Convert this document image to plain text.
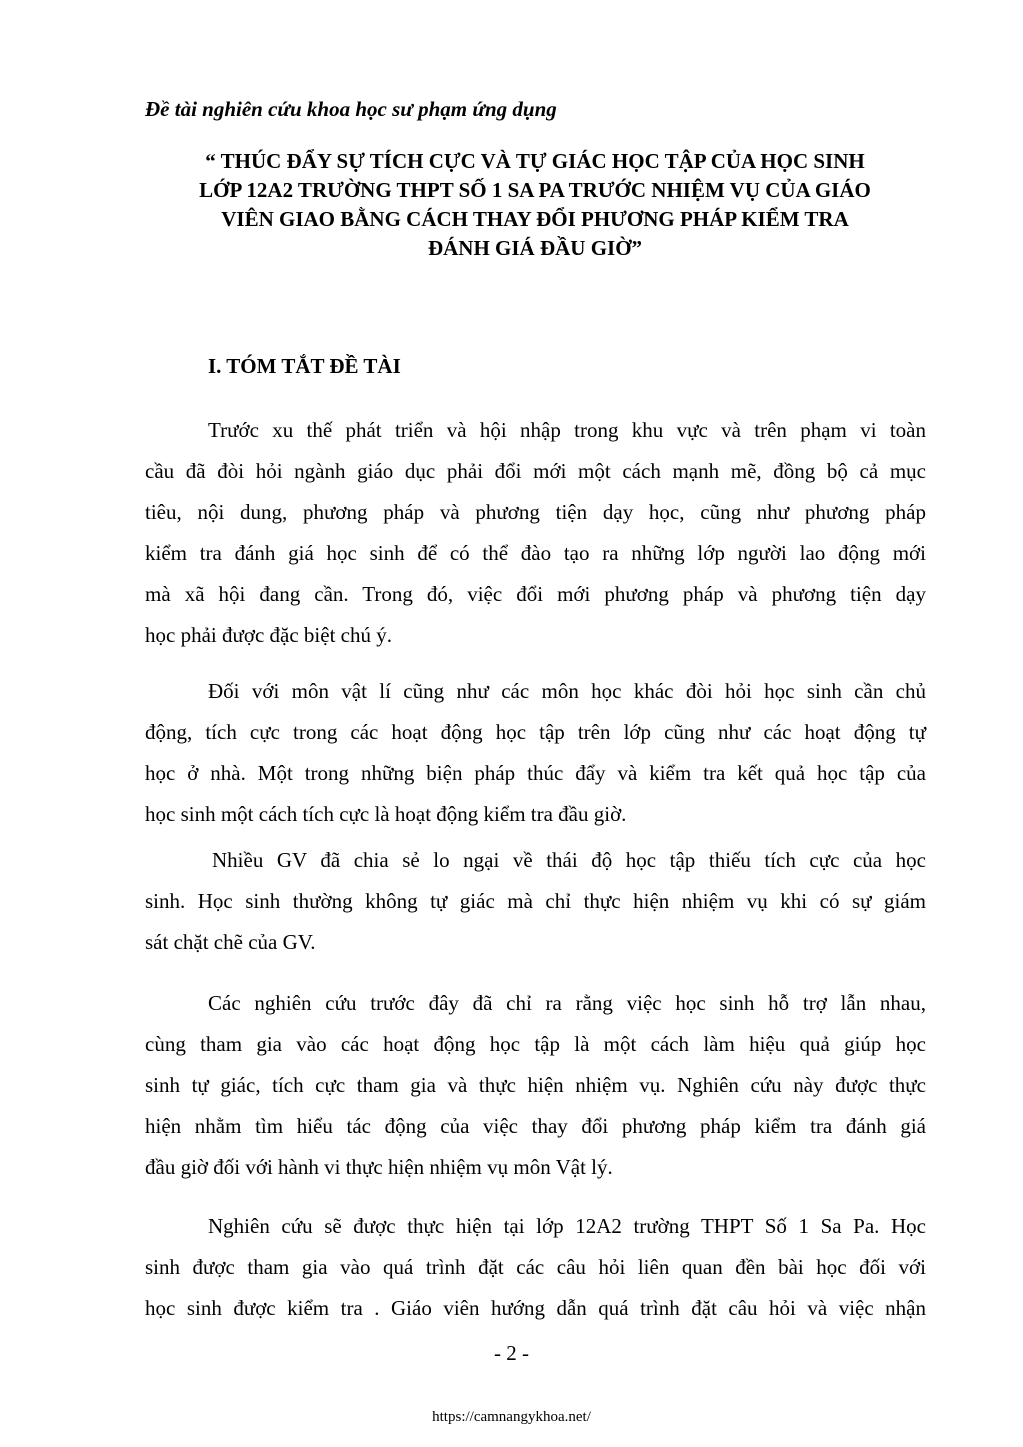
Đề tài nghiên cứu khoa học sư phạm ứng dụng
“ THÚC ĐẨY SỰ TÍCH CỰC VÀ TỰ GIÁC HỌC TẬP CỦA HỌC SINH
LỚP 12A2 TRƯỜNG THPT SỐ 1 SA PA TRƯỚC NHIỆM VỤ CỦA GIÁO
VIÊN GIAO BẰNG CÁCH THAY ĐỔI PHƯƠNG PHÁP KIỂM TRA
ĐÁNH GIÁ ĐẦU GIỜ”
I. TÓM TẮT ĐỀ TÀI
Trước xu thế phát triển và hội nhập trong khu vực và trên phạm vi toàn
cầu đã đòi hỏi ngành giáo dục phải đổi mới một cách mạnh mẽ, đồng bộ cả mục
tiêu, nội dung, phương pháp và phương tiện dạy học, cũng như phương pháp
kiểm tra đánh giá học sinh để có thể đào tạo ra những lớp người lao động mới
mà xã hội đang cần. Trong đó, việc đổi mới phương pháp và phương tiện dạy
học phải được đặc biệt chú ý.
Đối với môn vật lí cũng như các môn học khác đòi hỏi học sinh cần chủ
động, tích cực trong các hoạt động học tập trên lớp cũng như các hoạt động tự
học ở nhà. Một trong những biện pháp thúc đẩy và kiểm tra kết quả học tập của
học sinh một cách tích cực là hoạt động kiểm tra đầu giờ.
Nhiều GV đã chia sẻ lo ngại về thái độ học tập thiếu tích cực của học
sinh. Học sinh thường không tự giác mà chỉ thực hiện nhiệm vụ khi có sự giám
sát chặt chẽ của GV.
Các nghiên cứu trước đây đã chỉ ra rằng việc học sinh hỗ trợ lẫn nhau,
cùng tham gia vào các hoạt động học tập là một cách làm hiệu quả giúp học
sinh tự giác, tích cực tham gia và thực hiện nhiệm vụ. Nghiên cứu này được thực
hiện nhằm tìm hiểu tác động của việc thay đổi phương pháp kiểm tra đánh giá
đầu giờ đối với hành vi thực hiện nhiệm vụ môn Vật lý.
Nghiên cứu sẽ được thực hiện tại lớp 12A2 trường THPT Số 1 Sa Pa. Học
sinh được tham gia vào quá trình đặt các câu hỏi liên quan đền bài học đối với
học sinh được kiểm tra . Giáo viên hướng dẫn quá trình đặt câu hỏi và việc nhận
- 2 -
https://camnangykhoa.net/
